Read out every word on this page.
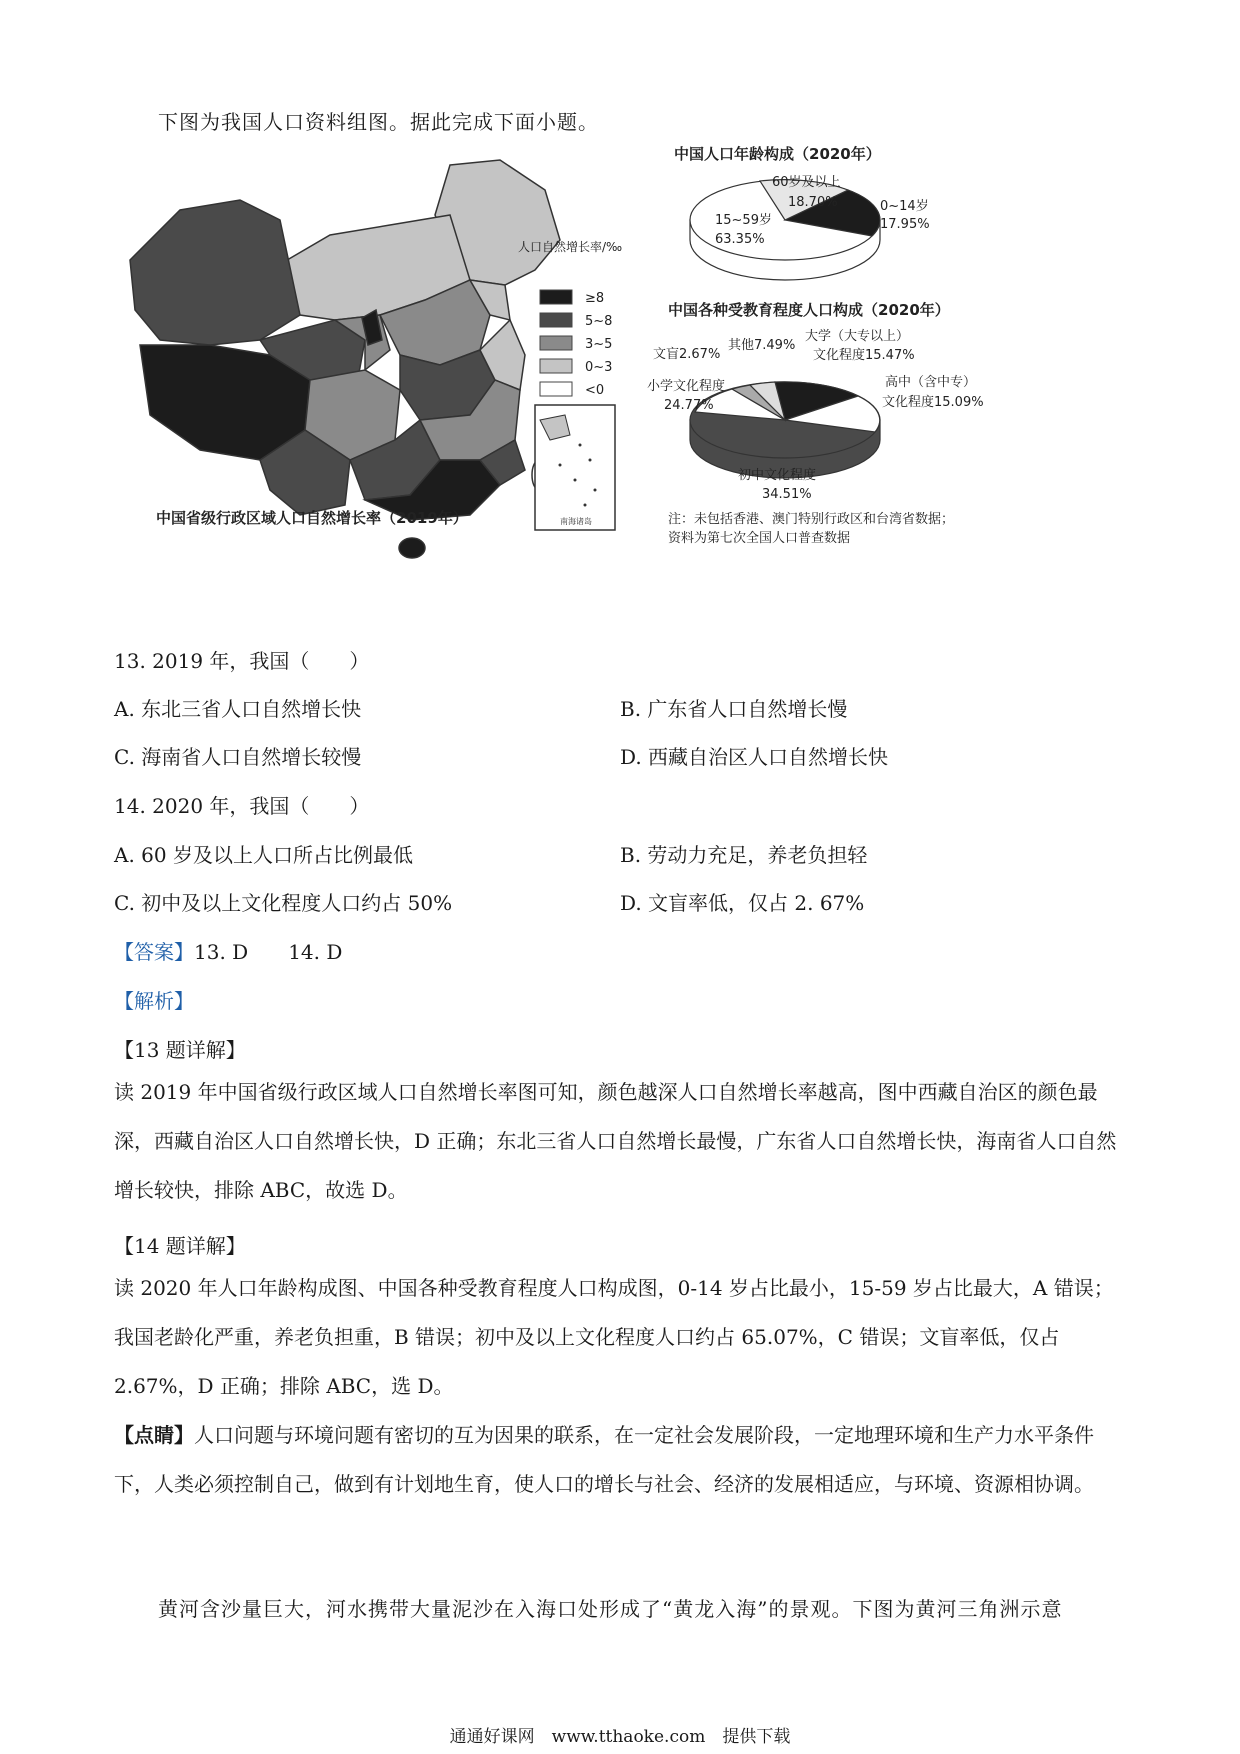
下图为我国人口资料组图。据此完成下面小题。
人口自然增长率/‰
≥8
5~8
3~5
0~3
<0
南海诸岛
中国省级行政区域人口自然增长率（2019年）
中国人口年龄构成（2020年）
60岁及以上
18.70%	0~14岁
17.95%
15~59岁
63.35%
中国各种受教育程度人口构成（2020年）
大学（大专以上）
文化程度15.47%
其他7.49%
文盲2.67%
高中（含中专）
文化程度15.09%
小学文化程度
24.77%
初中文化程度
34.51%
注：未包括香港、澳门特别行政区和台湾省数据；
资料为第七次全国人口普查数据
13. 2019 年，我国（　　）
A. 东北三省人口自然增长快	B. 广东省人口自然增长慢
C. 海南省人口自然增长较慢	D. 西藏自治区人口自然增长快
14. 2020 年，我国（　　）
A. 60 岁及以上人口所占比例最低	B. 劳动力充足，养老负担轻
C. 初中及以上文化程度人口约占 50%	D. 文盲率低，仅占 2. 67%
【答案】13. D　　14. D
【解析】
【13 题详解】
读 2019 年中国省级行政区域人口自然增长率图可知，颜色越深人口自然增长率越高，图中西藏自治区的颜色最深，西藏自治区人口自然增长快，D 正确；东北三省人口自然增长最慢，广东省人口自然增长快，海南省人口自然增长较快，排除 ABC，故选 D。
【14 题详解】
读 2020 年人口年龄构成图、中国各种受教育程度人口构成图，0-14 岁占比最小，15-59 岁占比最大，A 错误；我国老龄化严重，养老负担重，B 错误；初中及以上文化程度人口约占 65.07%，C 错误；文盲率低，仅占 2.67%，D 正确；排除 ABC，选 D。
【点睛】人口问题与环境问题有密切的互为因果的联系，在一定社会发展阶段，一定地理环境和生产力水平条件下，人类必须控制自己，做到有计划地生育，使人口的增长与社会、经济的发展相适应，与环境、资源相协调。
黄河含沙量巨大，河水携带大量泥沙在入海口处形成了“黄龙入海”的景观。下图为黄河三角洲示意
通通好课网　www.tthaoke.com　提供下载
